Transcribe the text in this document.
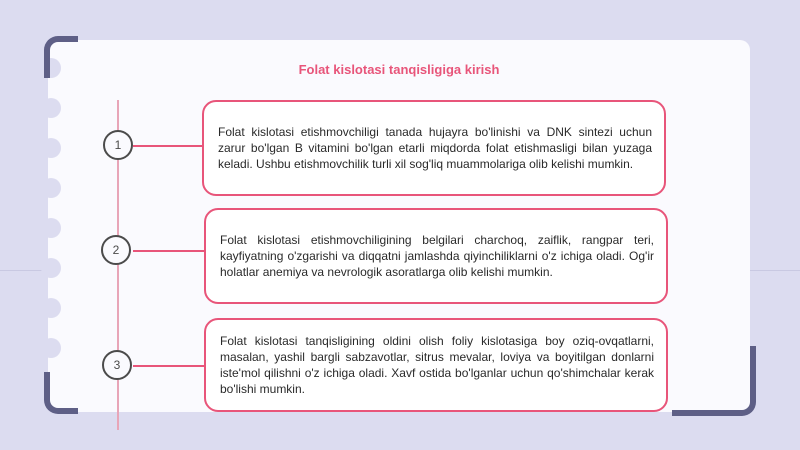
Folat kislotasi tanqisligiga kirish
1

Folat kislotasi etishmovchiligi tanada hujayra bo'linishi va DNK sintezi uchun zarur bo'lgan B vitamini bo'lgan etarli miqdorda folat etishmasligi bilan yuzaga keladi. Ushbu etishmovchilik turli xil sog'liq muammolariga olib kelishi mumkin.

2

Folat kislotasi etishmovchiligining belgilari charchoq, zaiflik, rangpar teri, kayfiyatning o'zgarishi va diqqatni jamlashda qiyinchiliklarni o'z ichiga oladi. Og'ir holatlar anemiya va nevrologik asoratlarga olib kelishi mumkin.

3

Folat kislotasi tanqisligining oldini olish foliy kislotasiga boy oziq-ovqatlarni, masalan, yashil bargli sabzavotlar, sitrus mevalar, loviya va boyitilgan donlarni iste'mol qilishni o'z ichiga oladi. Xavf ostida bo'lganlar uchun qo'shimchalar kerak bo'lishi mumkin.
